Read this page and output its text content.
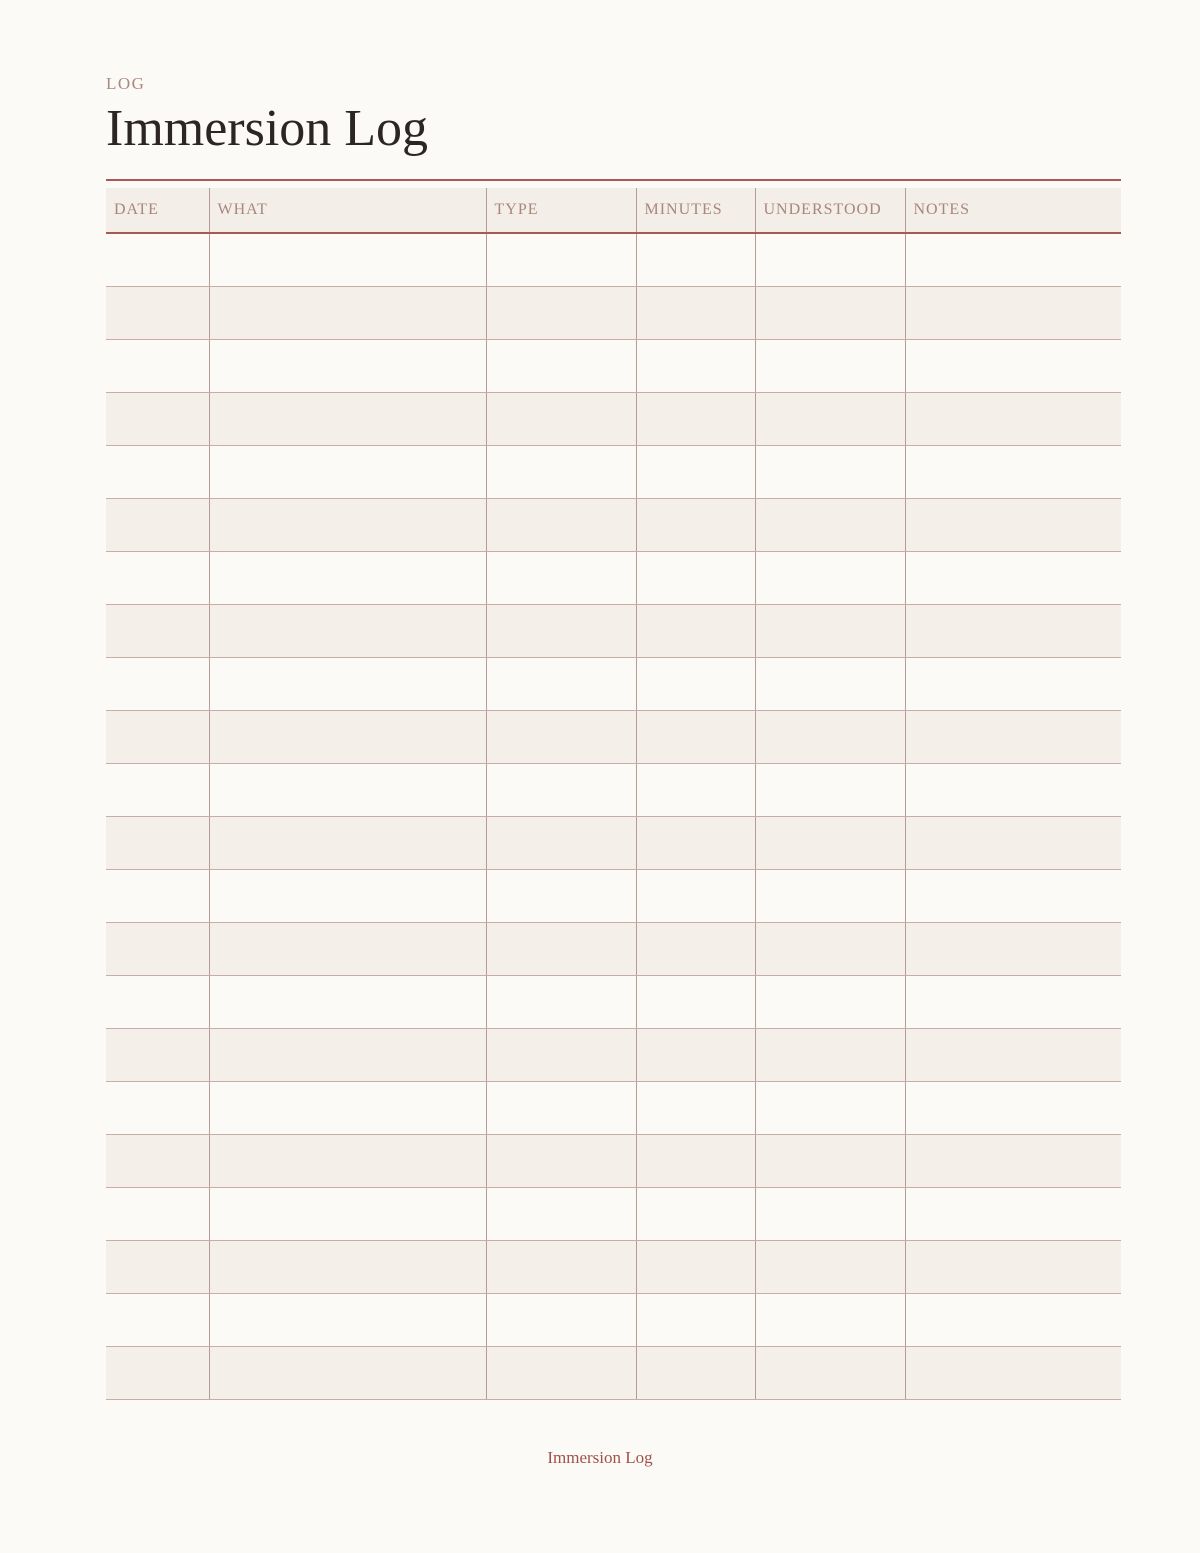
LOG
Immersion Log
DATE	WHAT	TYPE	MINUTES	UNDERSTOOD	NOTES

Immersion Log
